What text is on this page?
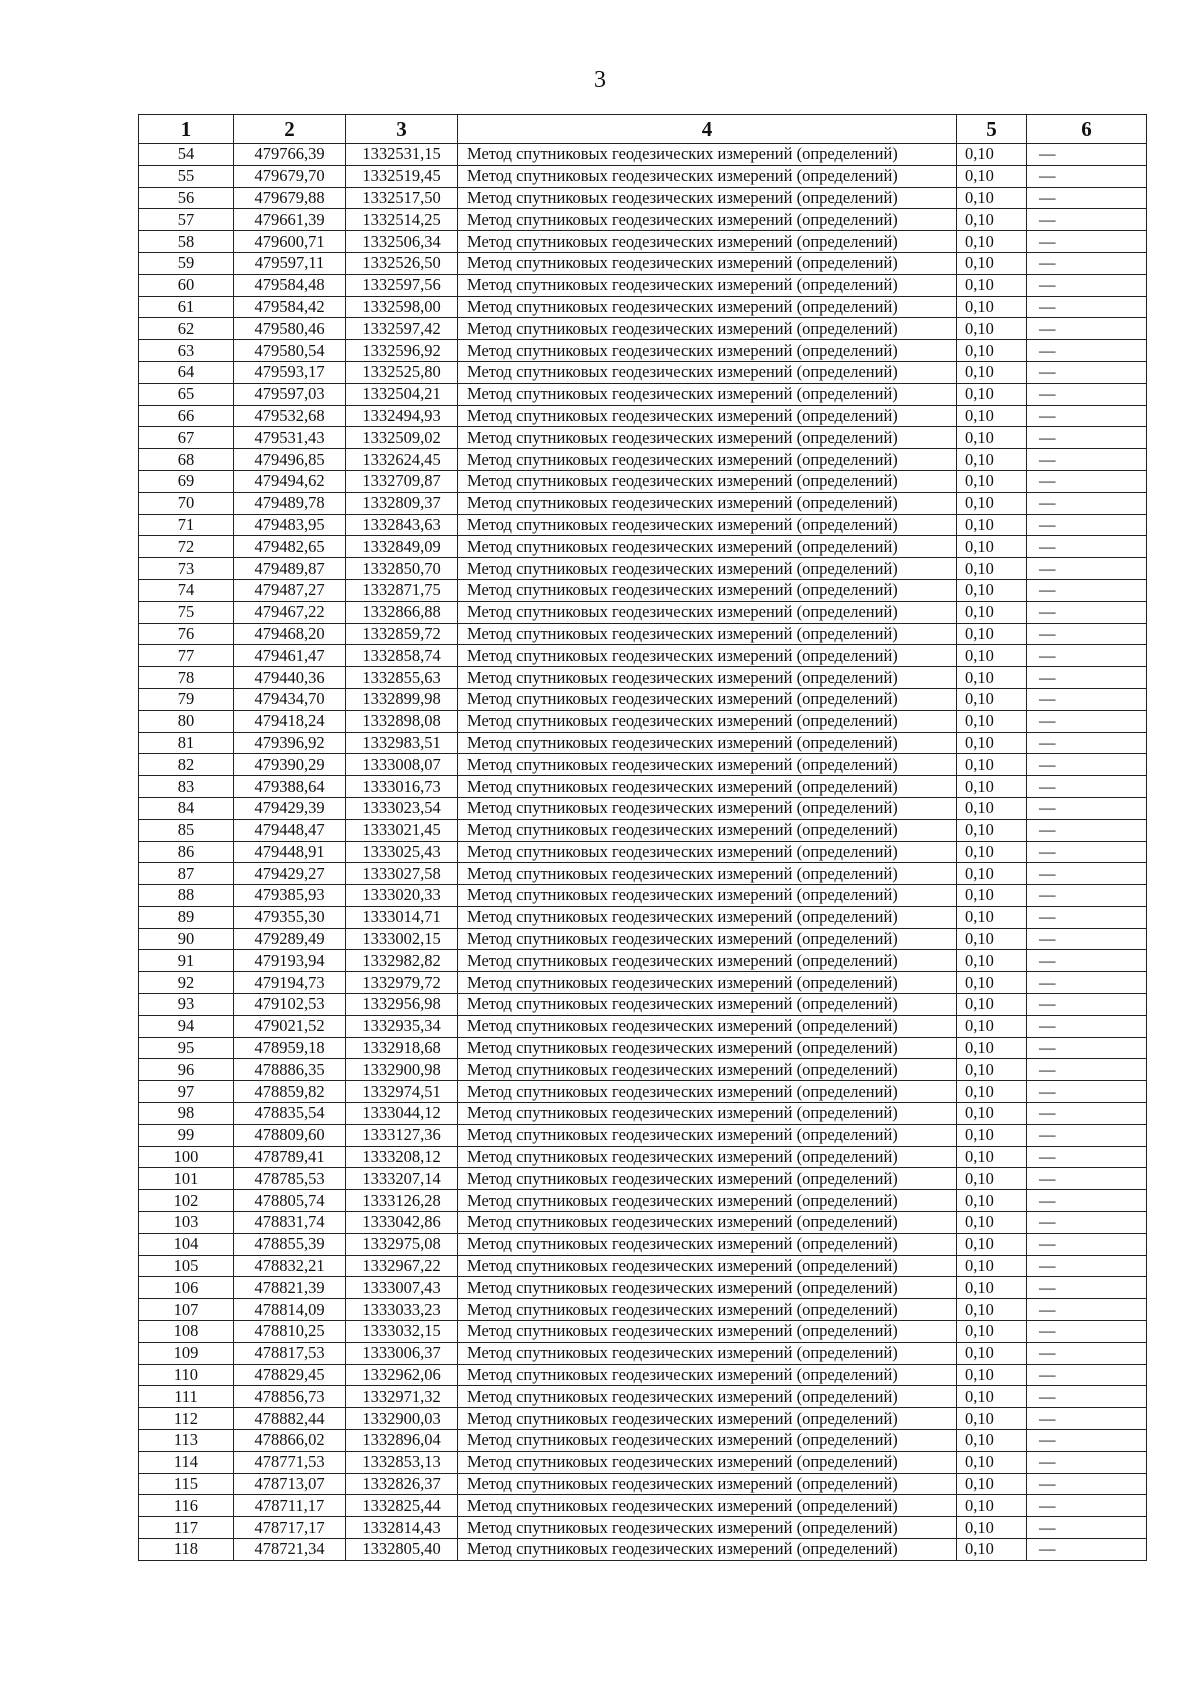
3
1	2	3	4	5	6
54	479766,39	1332531,15	Метод спутниковых геодезических измерений (определений)	0,10	—
55	479679,70	1332519,45	Метод спутниковых геодезических измерений (определений)	0,10	—
56	479679,88	1332517,50	Метод спутниковых геодезических измерений (определений)	0,10	—
57	479661,39	1332514,25	Метод спутниковых геодезических измерений (определений)	0,10	—
58	479600,71	1332506,34	Метод спутниковых геодезических измерений (определений)	0,10	—
59	479597,11	1332526,50	Метод спутниковых геодезических измерений (определений)	0,10	—
60	479584,48	1332597,56	Метод спутниковых геодезических измерений (определений)	0,10	—
61	479584,42	1332598,00	Метод спутниковых геодезических измерений (определений)	0,10	—
62	479580,46	1332597,42	Метод спутниковых геодезических измерений (определений)	0,10	—
63	479580,54	1332596,92	Метод спутниковых геодезических измерений (определений)	0,10	—
64	479593,17	1332525,80	Метод спутниковых геодезических измерений (определений)	0,10	—
65	479597,03	1332504,21	Метод спутниковых геодезических измерений (определений)	0,10	—
66	479532,68	1332494,93	Метод спутниковых геодезических измерений (определений)	0,10	—
67	479531,43	1332509,02	Метод спутниковых геодезических измерений (определений)	0,10	—
68	479496,85	1332624,45	Метод спутниковых геодезических измерений (определений)	0,10	—
69	479494,62	1332709,87	Метод спутниковых геодезических измерений (определений)	0,10	—
70	479489,78	1332809,37	Метод спутниковых геодезических измерений (определений)	0,10	—
71	479483,95	1332843,63	Метод спутниковых геодезических измерений (определений)	0,10	—
72	479482,65	1332849,09	Метод спутниковых геодезических измерений (определений)	0,10	—
73	479489,87	1332850,70	Метод спутниковых геодезических измерений (определений)	0,10	—
74	479487,27	1332871,75	Метод спутниковых геодезических измерений (определений)	0,10	—
75	479467,22	1332866,88	Метод спутниковых геодезических измерений (определений)	0,10	—
76	479468,20	1332859,72	Метод спутниковых геодезических измерений (определений)	0,10	—
77	479461,47	1332858,74	Метод спутниковых геодезических измерений (определений)	0,10	—
78	479440,36	1332855,63	Метод спутниковых геодезических измерений (определений)	0,10	—
79	479434,70	1332899,98	Метод спутниковых геодезических измерений (определений)	0,10	—
80	479418,24	1332898,08	Метод спутниковых геодезических измерений (определений)	0,10	—
81	479396,92	1332983,51	Метод спутниковых геодезических измерений (определений)	0,10	—
82	479390,29	1333008,07	Метод спутниковых геодезических измерений (определений)	0,10	—
83	479388,64	1333016,73	Метод спутниковых геодезических измерений (определений)	0,10	—
84	479429,39	1333023,54	Метод спутниковых геодезических измерений (определений)	0,10	—
85	479448,47	1333021,45	Метод спутниковых геодезических измерений (определений)	0,10	—
86	479448,91	1333025,43	Метод спутниковых геодезических измерений (определений)	0,10	—
87	479429,27	1333027,58	Метод спутниковых геодезических измерений (определений)	0,10	—
88	479385,93	1333020,33	Метод спутниковых геодезических измерений (определений)	0,10	—
89	479355,30	1333014,71	Метод спутниковых геодезических измерений (определений)	0,10	—
90	479289,49	1333002,15	Метод спутниковых геодезических измерений (определений)	0,10	—
91	479193,94	1332982,82	Метод спутниковых геодезических измерений (определений)	0,10	—
92	479194,73	1332979,72	Метод спутниковых геодезических измерений (определений)	0,10	—
93	479102,53	1332956,98	Метод спутниковых геодезических измерений (определений)	0,10	—
94	479021,52	1332935,34	Метод спутниковых геодезических измерений (определений)	0,10	—
95	478959,18	1332918,68	Метод спутниковых геодезических измерений (определений)	0,10	—
96	478886,35	1332900,98	Метод спутниковых геодезических измерений (определений)	0,10	—
97	478859,82	1332974,51	Метод спутниковых геодезических измерений (определений)	0,10	—
98	478835,54	1333044,12	Метод спутниковых геодезических измерений (определений)	0,10	—
99	478809,60	1333127,36	Метод спутниковых геодезических измерений (определений)	0,10	—
100	478789,41	1333208,12	Метод спутниковых геодезических измерений (определений)	0,10	—
101	478785,53	1333207,14	Метод спутниковых геодезических измерений (определений)	0,10	—
102	478805,74	1333126,28	Метод спутниковых геодезических измерений (определений)	0,10	—
103	478831,74	1333042,86	Метод спутниковых геодезических измерений (определений)	0,10	—
104	478855,39	1332975,08	Метод спутниковых геодезических измерений (определений)	0,10	—
105	478832,21	1332967,22	Метод спутниковых геодезических измерений (определений)	0,10	—
106	478821,39	1333007,43	Метод спутниковых геодезических измерений (определений)	0,10	—
107	478814,09	1333033,23	Метод спутниковых геодезических измерений (определений)	0,10	—
108	478810,25	1333032,15	Метод спутниковых геодезических измерений (определений)	0,10	—
109	478817,53	1333006,37	Метод спутниковых геодезических измерений (определений)	0,10	—
110	478829,45	1332962,06	Метод спутниковых геодезических измерений (определений)	0,10	—
111	478856,73	1332971,32	Метод спутниковых геодезических измерений (определений)	0,10	—
112	478882,44	1332900,03	Метод спутниковых геодезических измерений (определений)	0,10	—
113	478866,02	1332896,04	Метод спутниковых геодезических измерений (определений)	0,10	—
114	478771,53	1332853,13	Метод спутниковых геодезических измерений (определений)	0,10	—
115	478713,07	1332826,37	Метод спутниковых геодезических измерений (определений)	0,10	—
116	478711,17	1332825,44	Метод спутниковых геодезических измерений (определений)	0,10	—
117	478717,17	1332814,43	Метод спутниковых геодезических измерений (определений)	0,10	—
118	478721,34	1332805,40	Метод спутниковых геодезических измерений (определений)	0,10	—
